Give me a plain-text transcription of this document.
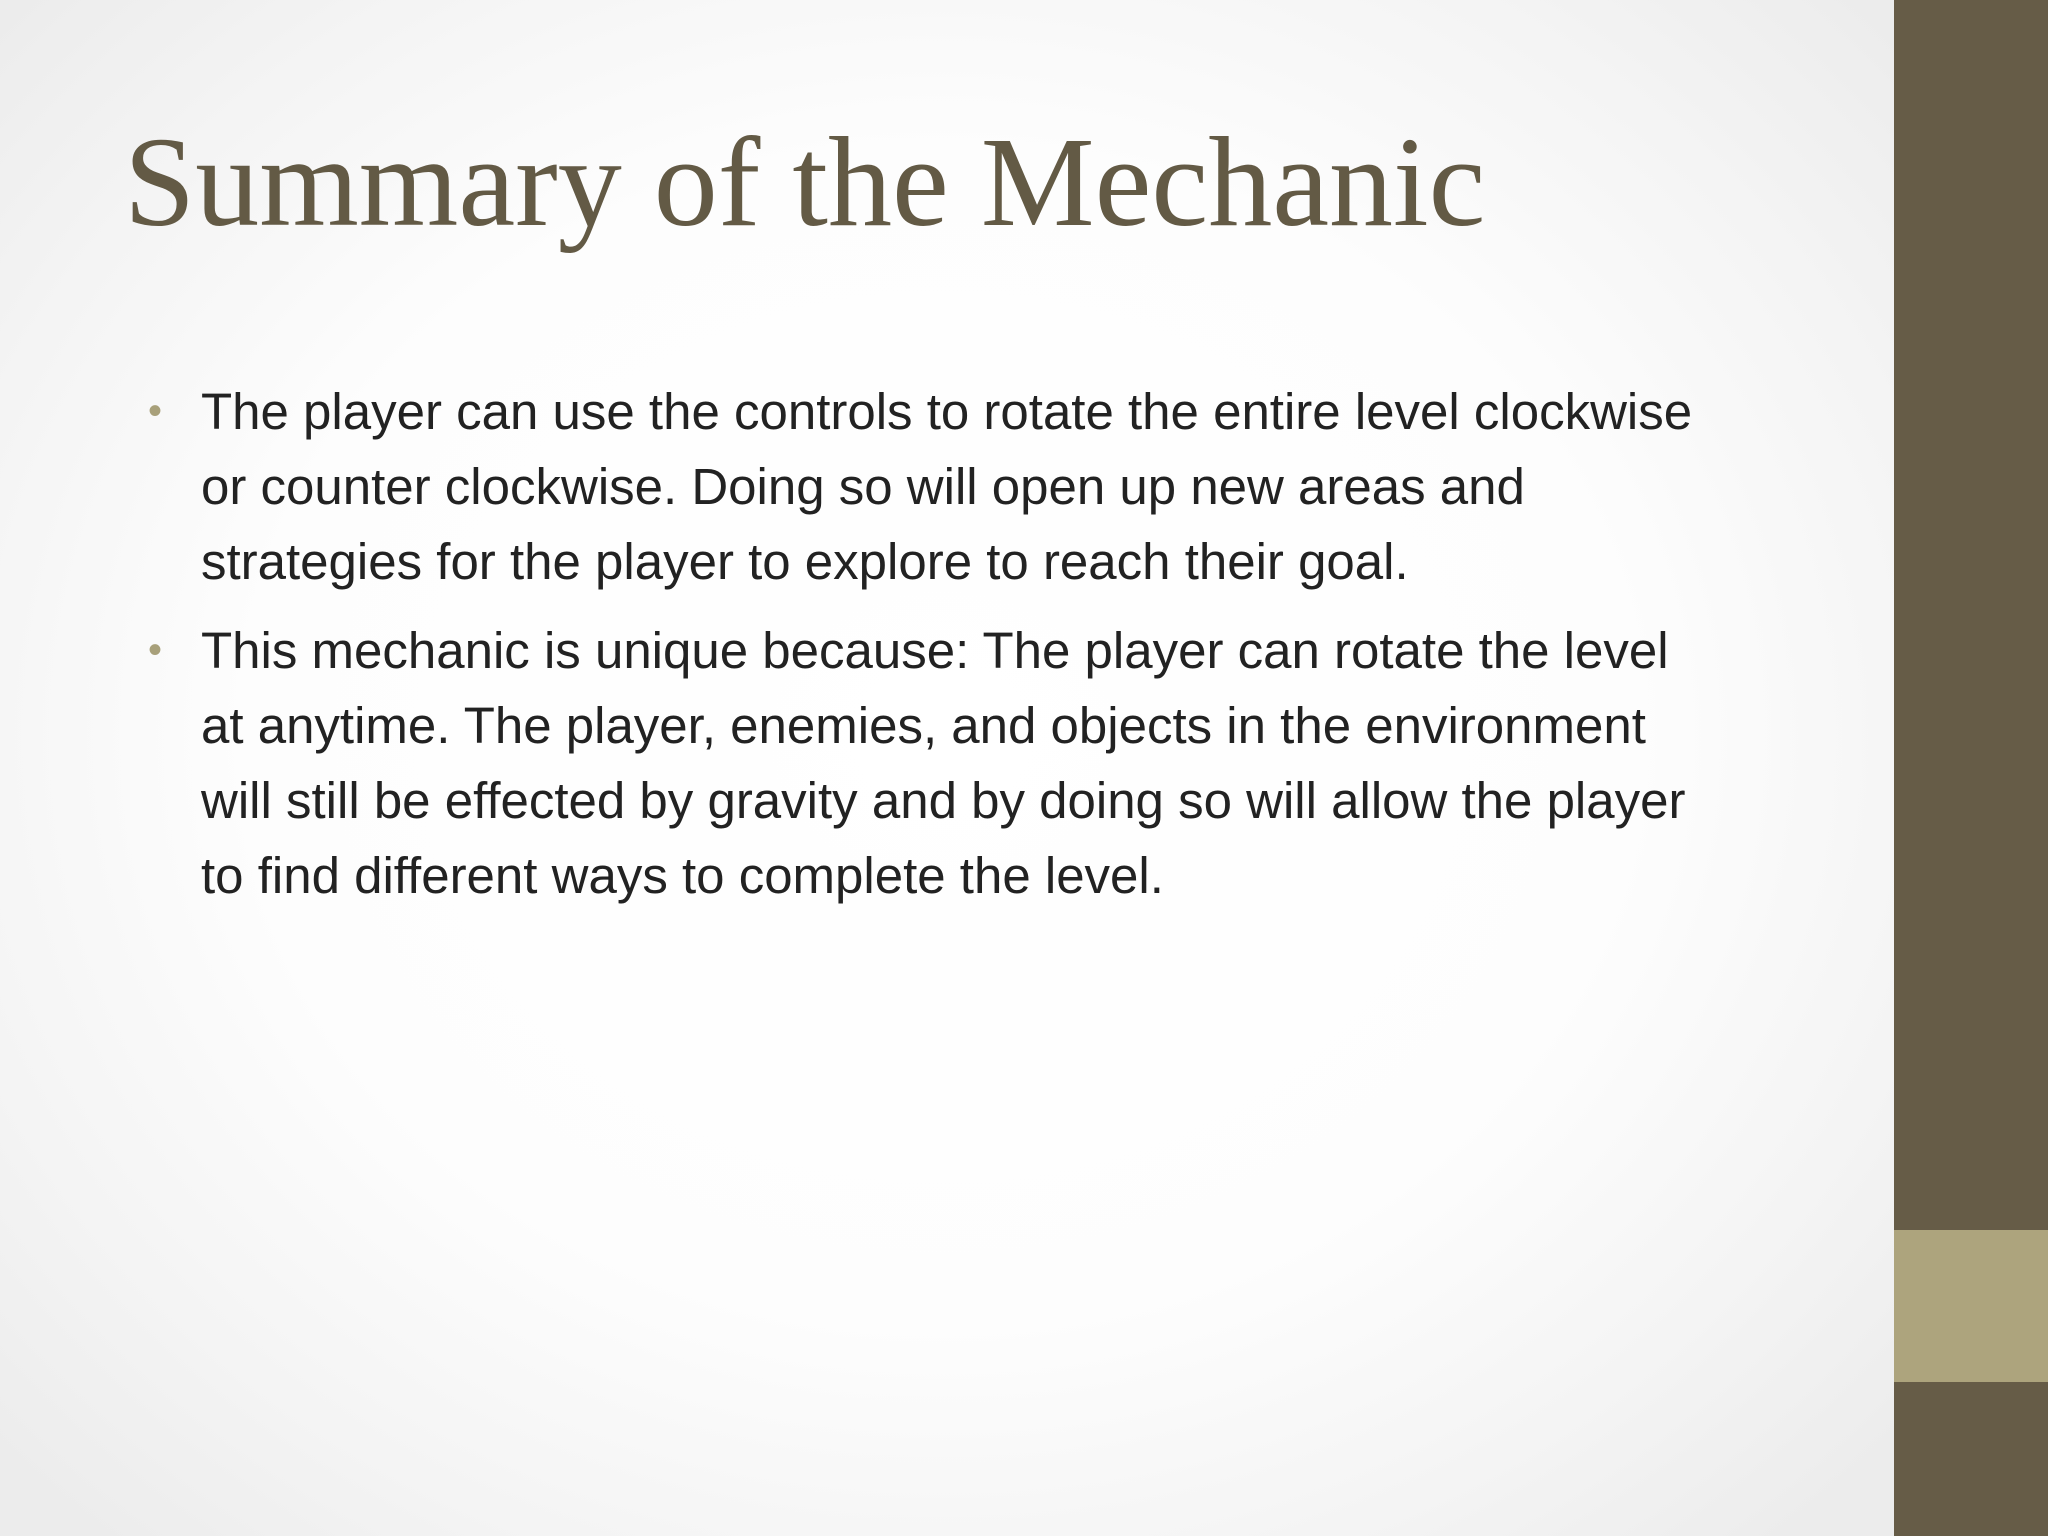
Summary of the Mechanic
• The player can use the controls to rotate the entire level clockwise or counter clockwise. Doing so will open up new areas and strategies for the player to explore to reach their goal.
• This mechanic is unique because: The player can rotate the level at anytime. The player, enemies, and objects in the environment will still be effected by gravity and by doing so will allow the player to find different ways to complete the level.
